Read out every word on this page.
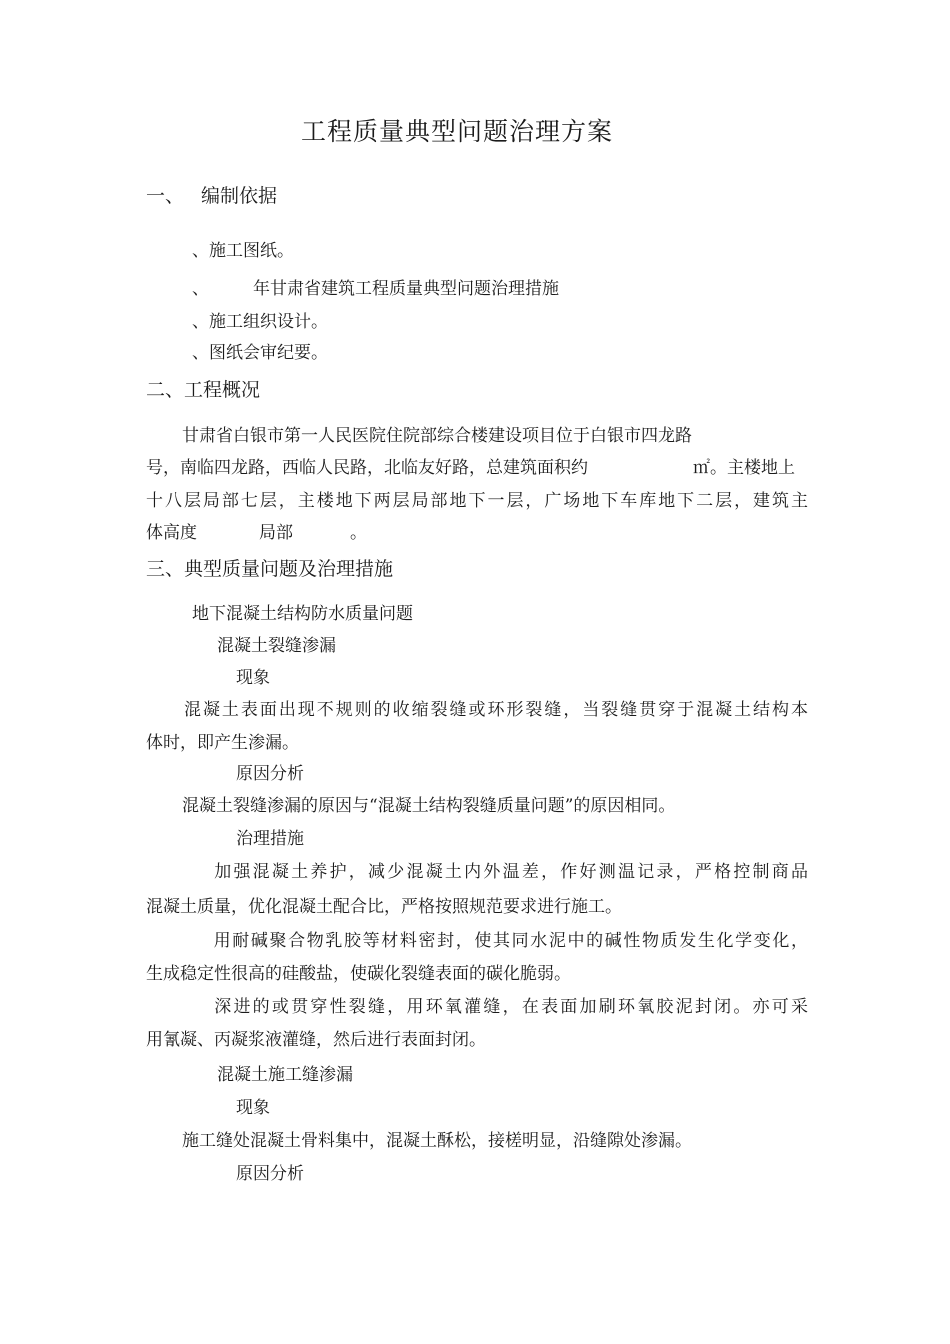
工程质量典型问题治理方案
一、 编制依据
、施工图纸。
、	年甘肃省建筑工程质量典型问题治理措施
、施工组织设计。
、图纸会审纪要。
二、工程概况
甘肃省白银市第一人民医院住院部综合楼建设项目位于白银市四龙路
号，南临四龙路，西临人民路，北临友好路，总建筑面积约	㎡。主楼地上
十八层局部七层，主楼地下两层局部地下一层，广场地下车库地下二层，建筑主
体高度	局部	。
三、典型质量问题及治理措施
地下混凝土结构防水质量问题
混凝土裂缝渗漏
现象
混凝土表面出现不规则的收缩裂缝或环形裂缝，当裂缝贯穿于混凝土结构本
体时，即产生渗漏。
原因分析
混凝土裂缝渗漏的原因与“混凝土结构裂缝质量问题”的原因相同。
治理措施
加强混凝土养护，减少混凝土内外温差，作好测温记录，严格控制商品
混凝土质量，优化混凝土配合比，严格按照规范要求进行施工。
用耐碱聚合物乳胶等材料密封，使其同水泥中的碱性物质发生化学变化，
生成稳定性很高的硅酸盐，使碳化裂缝表面的碳化脆弱。
深进的或贯穿性裂缝，用环氧灌缝，在表面加刷环氧胶泥封闭。亦可采
用氰凝、丙凝浆液灌缝，然后进行表面封闭。
混凝土施工缝渗漏
现象
施工缝处混凝土骨料集中，混凝土酥松，接槎明显，沿缝隙处渗漏。
原因分析
